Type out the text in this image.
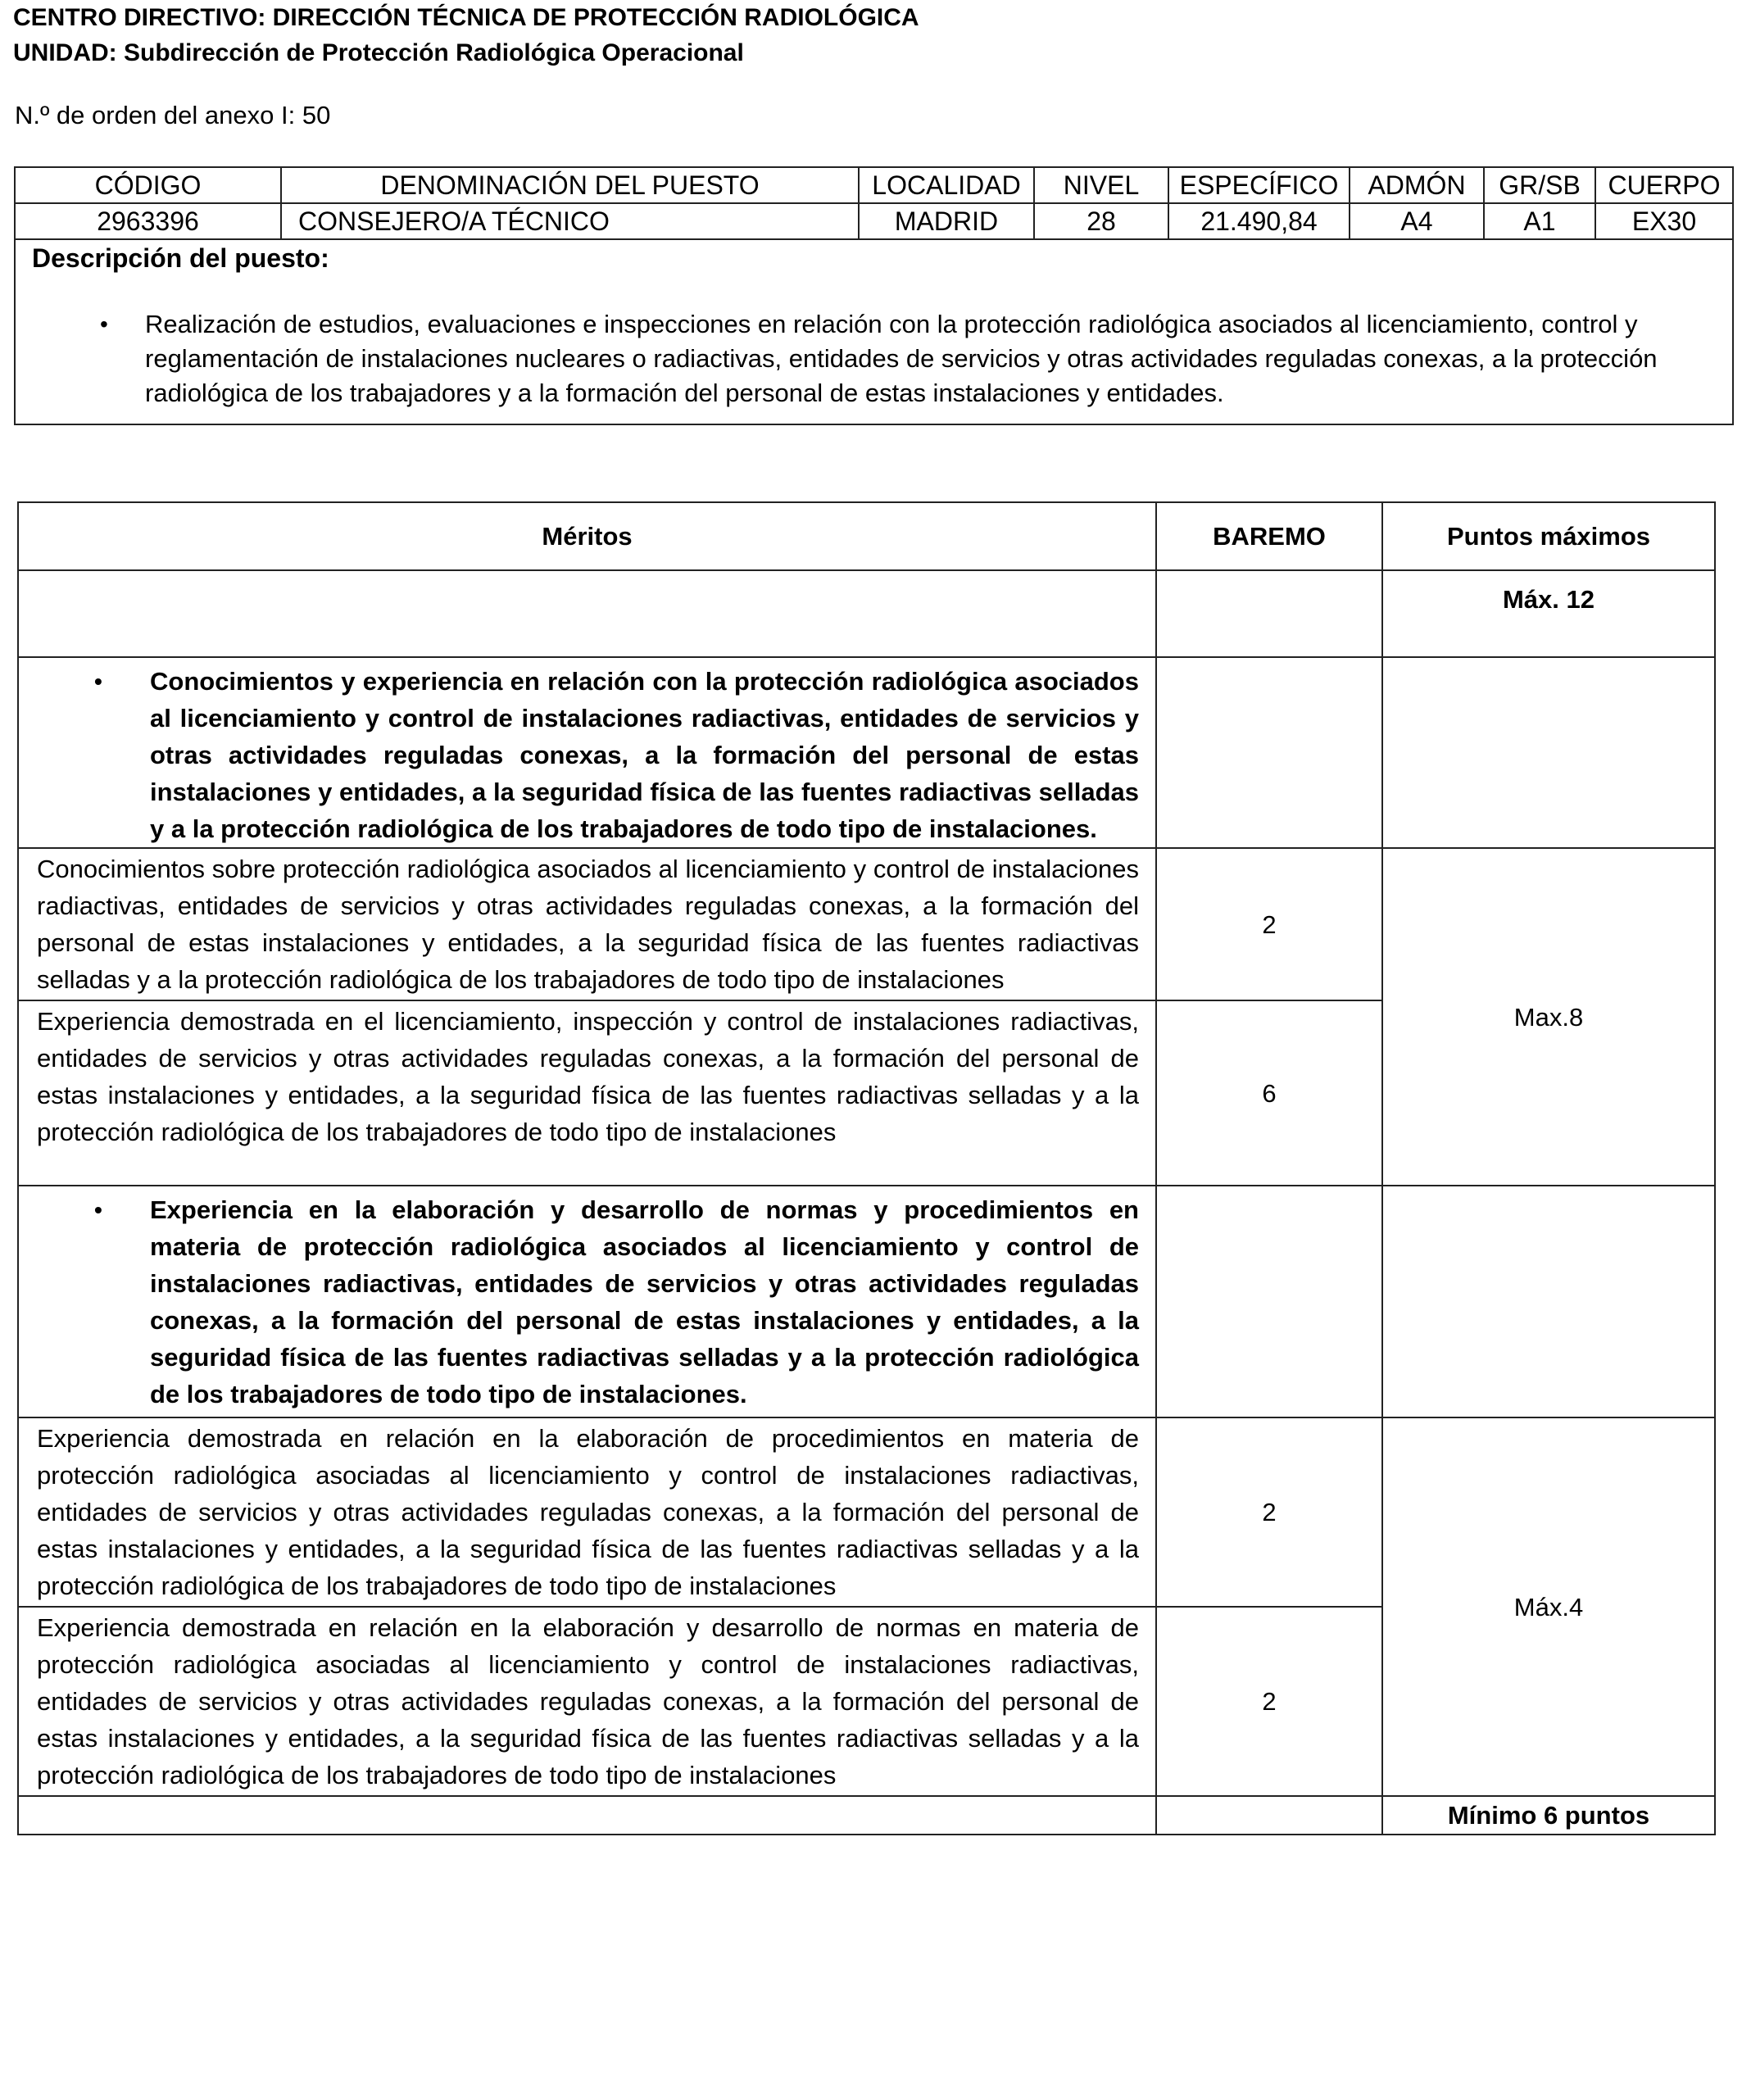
CENTRO DIRECTIVO: DIRECCIÓN TÉCNICA DE PROTECCIÓN RADIOLÓGICA
UNIDAD: Subdirección de Protección Radiológica Operacional
N.º de orden del anexo I: 50
CÓDIGO	DENOMINACIÓN DEL PUESTO	LOCALIDAD	NIVEL	ESPECÍFICO	ADMÓN	GR/SB	CUERPO
2963396	CONSEJERO/A TÉCNICO	MADRID	28	21.490,84	A4	A1	EX30

Descripción del puesto:
• Realización de estudios, evaluaciones e inspecciones en relación con la protección radiológica asociados al licenciamiento, control y reglamentación de instalaciones nucleares o radiactivas, entidades de servicios y otras actividades reguladas conexas, a la protección radiológica de los trabajadores y a la formación del personal de estas instalaciones y entidades.							
Méritos	BAREMO	Puntos máximos
		Máx. 12

• Conocimientos y experiencia en relación con la protección radiológica asociados al licenciamiento y control de instalaciones radiactivas, entidades de servicios y otras actividades reguladas conexas, a la formación del personal de estas instalaciones y entidades, a la seguridad física de las fuentes radiactivas selladas y a la protección radiológica de los trabajadores de todo tipo de instalaciones.		
Conocimientos sobre protección radiológica asociados al licenciamiento y control de instalaciones radiactivas, entidades de servicios y otras actividades reguladas conexas, a la formación del personal de estas instalaciones y entidades, a la seguridad física de las fuentes radiactivas selladas y a la protección radiológica de los trabajadores de todo tipo de instalaciones	2	Max.8
Experiencia demostrada en el licenciamiento, inspección y control de instalaciones radiactivas, entidades de servicios y otras actividades reguladas conexas, a la formación del personal de estas instalaciones y entidades, a la seguridad física de las fuentes radiactivas selladas y a la protección radiológica de los trabajadores de todo tipo de instalaciones	6	

• Experiencia en la elaboración y desarrollo de normas y procedimientos en materia de protección radiológica asociados al licenciamiento y control de instalaciones radiactivas, entidades de servicios y otras actividades reguladas conexas, a la formación del personal de estas instalaciones y entidades, a la seguridad física de las fuentes radiactivas selladas y a la protección radiológica de los trabajadores de todo tipo de instalaciones.		
Experiencia demostrada en relación en la elaboración de procedimientos en materia de protección radiológica asociadas al licenciamiento y control de instalaciones radiactivas, entidades de servicios y otras actividades reguladas conexas, a la formación del personal de estas instalaciones y entidades, a la seguridad física de las fuentes radiactivas selladas y a la protección radiológica de los trabajadores de todo tipo de instalaciones	2	Máx.4
Experiencia demostrada en relación en la elaboración y desarrollo de normas en materia de protección radiológica asociadas al licenciamiento y control de instalaciones radiactivas, entidades de servicios y otras actividades reguladas conexas, a la formación del personal de estas instalaciones y entidades, a la seguridad física de las fuentes radiactivas selladas y a la protección radiológica de los trabajadores de todo tipo de instalaciones	2	
		Mínimo 6 puntos
